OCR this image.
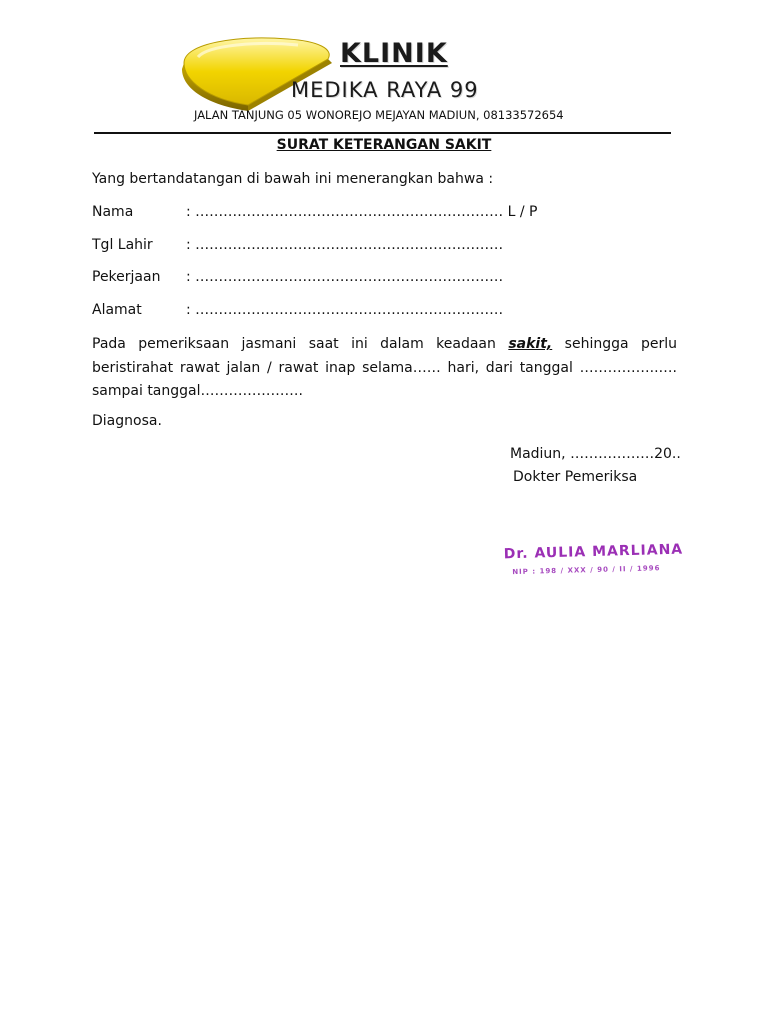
KLINIK
MEDIKA RAYA 99
JALAN TANJUNG 05 WONOREJO MEJAYAN MADIUN, 08133572654
SURAT KETERANGAN SAKIT
Yang bertandatangan di bawah ini menerangkan bahwa :
Nama	: ………………………………………………………… L / P
Tgl Lahir : …………………………………………………………
Pekerjaan : …………………………………………………………
Alamat	: …………………………………………………………
Pada pemeriksaan jasmani saat ini dalam keadaan sakit, sehingga perlu beristirahat rawat jalan / rawat inap selama…… hari, dari tanggal ……………..…. sampai tanggal………………….
Diagnosa.
Madiun, ………………20..
Dokter Pemeriksa
Dr. AULIA MARLIANA
NIP : 198 / XXX / 90 / II / 1996
